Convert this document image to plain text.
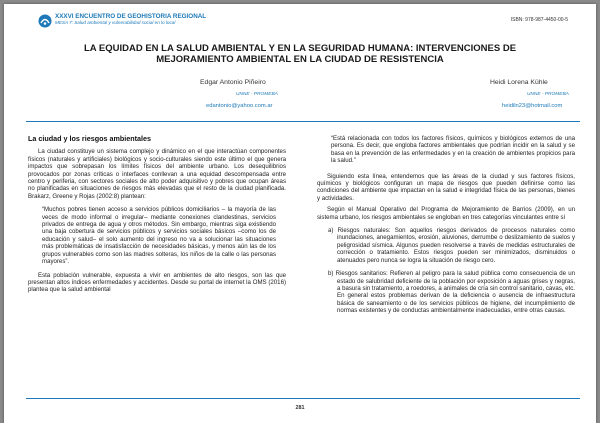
XXXVI ENCUENTRO DE GEOHISTORIA REGIONAL
MESA 7: Salud ambiental y vulnerabilidad social en lo local	ISBN: 978-987-4450-00-5
LA EQUIDAD EN LA SALUD AMBIENTAL Y EN LA SEGURIDAD HUMANA: INTERVENCIONES DE MEJORAMIENTO AMBIENTAL EN LA CIUDAD DE RESISTENCIA
Edgar Antonio Piñeiro
UNNE - PROMEBA
edantonio@yahoo.com.ar
Heidi Lorena Kühle
UNNE - PROMEBA
heidiln23@hotmail.com
La ciudad y los riesgos ambientales

La ciudad constituye un sistema complejo y dinámico en el que interactúan componentes físicos (naturales y artificiales) biológicos y socio-culturales siendo este último el que genera impactos que sobrepasan los límites físicos del ambiente urbano. Los desequilibrios provocados por zonas críticas o interfaces conllevan a una equidad descompensada entre centro y periferia, con sectores sociales de alto poder adquisitivo y pobres que ocupan áreas no planificadas en situaciones de riesgos más elevadas que el resto de la ciudad planificada. Brakarz, Greene y Rojas (2002:8) plantean:

“Muchos pobres tienen acceso a servicios públicos domiciliarios – la mayoría de las veces de modo informal o irregular– mediante conexiones clandestinas, servicios privados de entrega de agua y otros métodos. Sin embargo, mientras siga existiendo una baja cobertura de servicios públicos y servicios sociales básicos –como los de educación y salud– el solo aumento del ingreso no va a solucionar las situaciones más problemáticas de insatisfacción de necesidades básicas, y menos aún las de los grupos vulnerables como son las madres solteras, los niños de la calle o las personas mayores”.

Esta población vulnerable, expuesta a vivir en ambientes de alto riesgos, son las que presentan altos índices enfermedades y accidentes. Desde su portal de internet la OMS (2016) plantea que la salud ambiental

“Está relacionada con todos los factores físicos, químicos y biológicos externos de una persona. Es decir, que engloba factores ambientales que podrían incidir en la salud y se basa en la prevención de las enfermedades y en la creación de ambientes propicios para la salud.”

Siguiendo esta línea, entendemos que las áreas de la ciudad y sus factores físicos, químicos y biológicos configuran un mapa de riesgos que pueden definirse como las condiciones del ambiente que impactan en la salud e integridad física de las personas, bienes y actividades.

Según el Manual Operativo del Programa de Mejoramiento de Barrios (2009), en un sistema urbano, los riesgos ambientales se engloban en tres categorías vinculantes entre sí

a) Riesgos naturales: Son aquellos riesgos derivados de procesos naturales como inundaciones, anegamientos, erosión, aluviones, derrumbe o deslizamiento de suelos y peligrosidad sísmica. Algunos pueden resolverse a través de medidas estructurales de corrección o tratamiento. Estos riesgos pueden ser minimizados, disminuidos o atenuados pero nunca se logra la situación de riesgo cero.

b) Riesgos sanitarios: Refieren al peligro para la salud pública como consecuencia de un estado de salubridad deficiente de la población por exposición a aguas grises y negras, a basura sin tratamiento, a roedores, a animales de cría sin control sanitario, cavas, etc. En general estos problemas derivan de la deficiencia o ausencia de infraestructura básica de saneamiento o de los servicios públicos de higiene, del incumplimiento de normas existentes y de conductas ambientalmente inadecuadas, entre otras causas.

281
